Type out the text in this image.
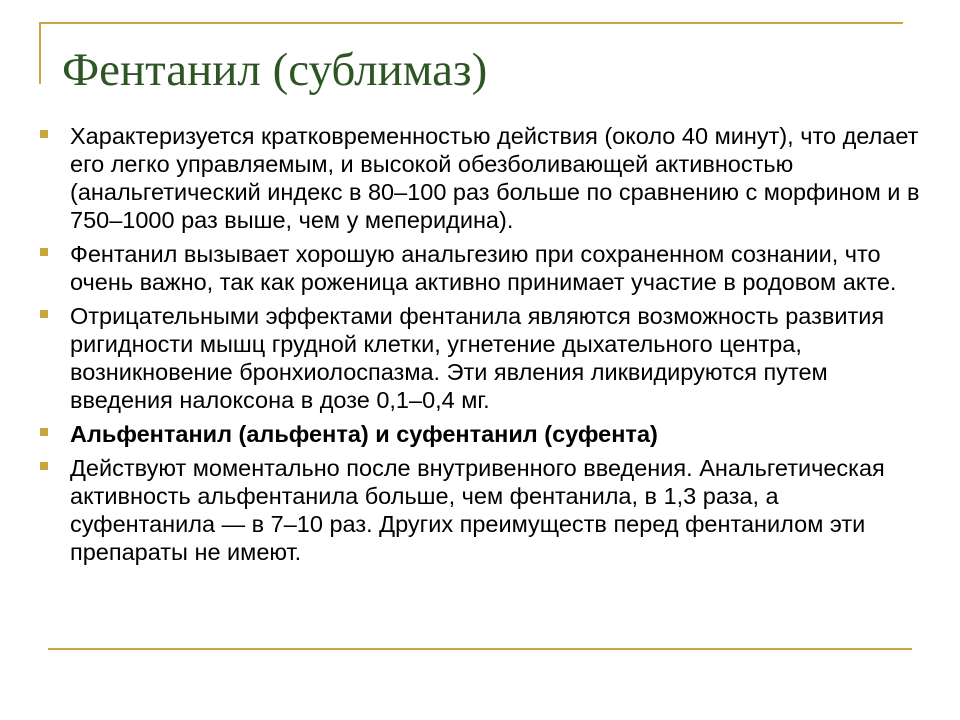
Фентанил (сублимаз)
Характеризуется кратковременностью действия (около 40 минут), что делает его легко управляемым, и высокой обезболивающей активностью (анальгетический индекс в 80–100 раз больше по сравнению с морфином и в 750–1000 раз выше, чем у меперидина).
Фентанил вызывает хорошую анальгезию при сохраненном сознании, что очень важно, так как роженица активно принимает участие в родовом акте.
Отрицательными эффектами фентанила являются возможность развития ригидности мышц грудной клетки, угнетение дыхательного центра, возникновение бронхиолоспазма. Эти явления ликвидируются путем введения налоксона в дозе 0,1–0,4 мг.
Альфентанил (альфента) и суфентанил (суфента)
Действуют моментально после внутривенного введения. Анальгетическая активность альфентанила больше, чем фентанила, в 1,3 раза, а суфентанила — в 7–10 раз. Других преимуществ перед фентанилом эти препараты не имеют.
